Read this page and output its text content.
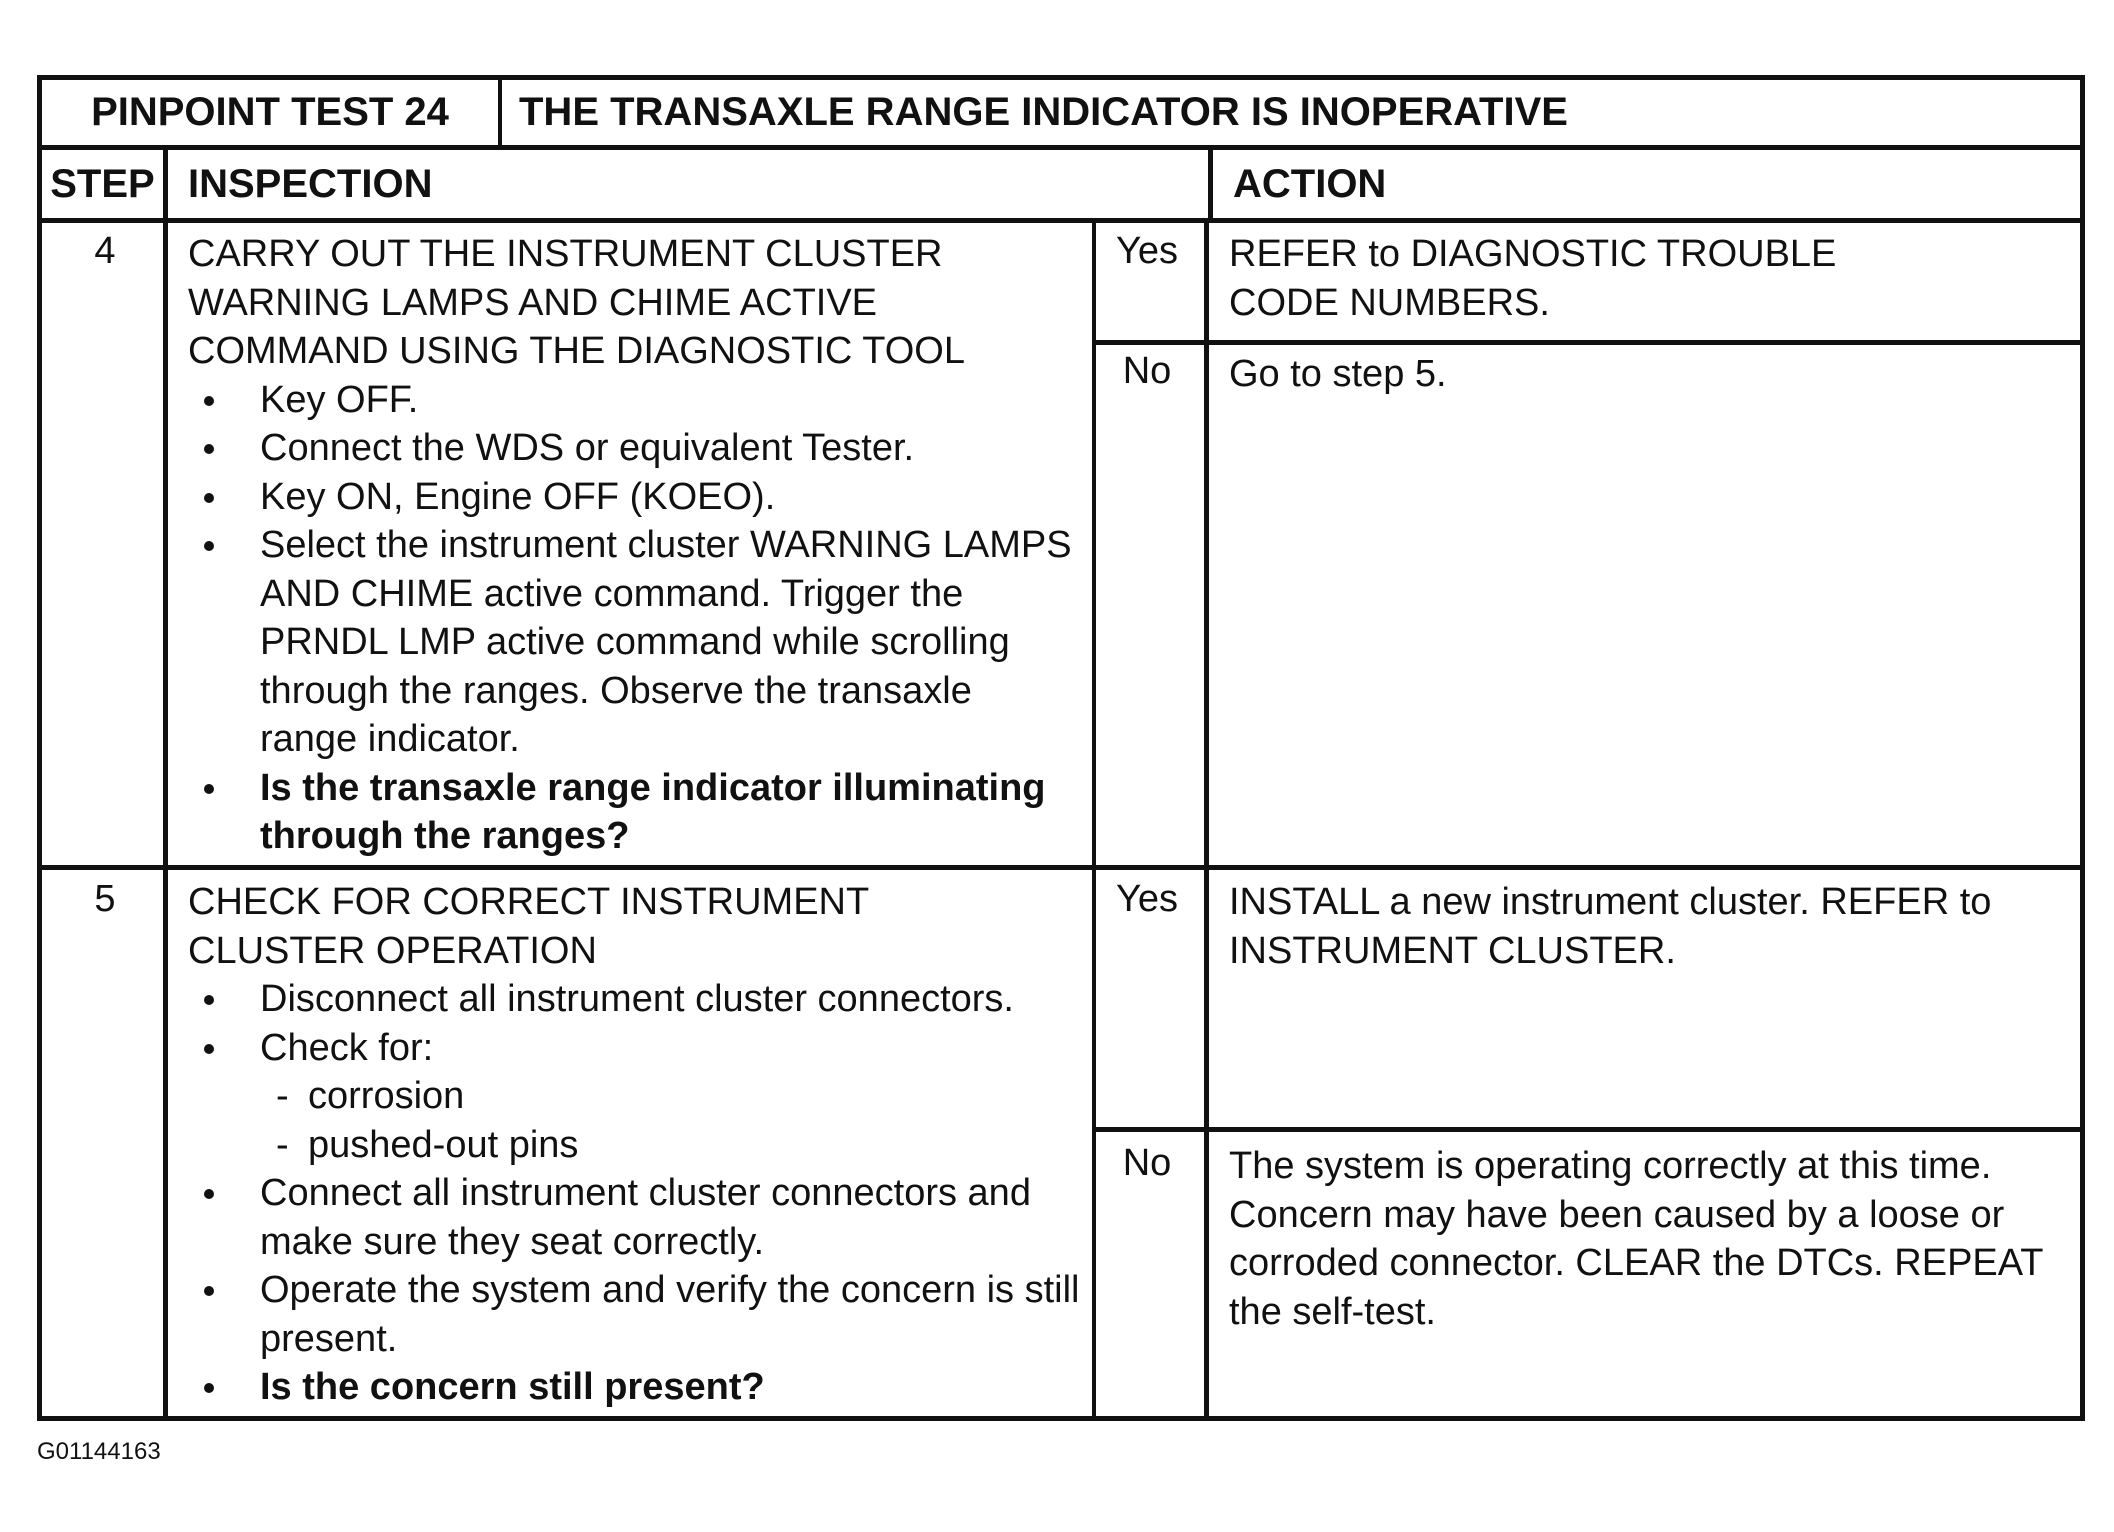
PINPOINT TEST 24	THE TRANSAXLE RANGE INDICATOR IS INOPERATIVE
STEP INSPECTION	ACTION
4	CARRY OUT THE INSTRUMENT CLUSTER WARNING LAMPS AND CHIME ACTIVE COMMAND USING THE DIAGNOSTIC TOOL
Key OFF.
Connect the WDS or equivalent Tester.
Key ON, Engine OFF (KOEO).
Select the instrument cluster WARNING LAMPS AND CHIME active command. Trigger the PRNDL LMP active command while scrolling through the ranges. Observe the transaxle range indicator.
Is the transaxle range indicator illuminating through the ranges?
Yes	REFER to DIAGNOSTIC TROUBLE CODE NUMBERS.
No	Go to step 5.
5	CHECK FOR CORRECT INSTRUMENT CLUSTER OPERATION
Disconnect all instrument cluster connectors.
Check for:
- corrosion
- pushed-out pins
Connect all instrument cluster connectors and make sure they seat correctly.
Operate the system and verify the concern is still present.
Is the concern still present?
Yes	INSTALL a new instrument cluster. REFER to INSTRUMENT CLUSTER.
No	The system is operating correctly at this time. Concern may have been caused by a loose or corroded connector. CLEAR the DTCs. REPEAT the self-test.
G01144163
